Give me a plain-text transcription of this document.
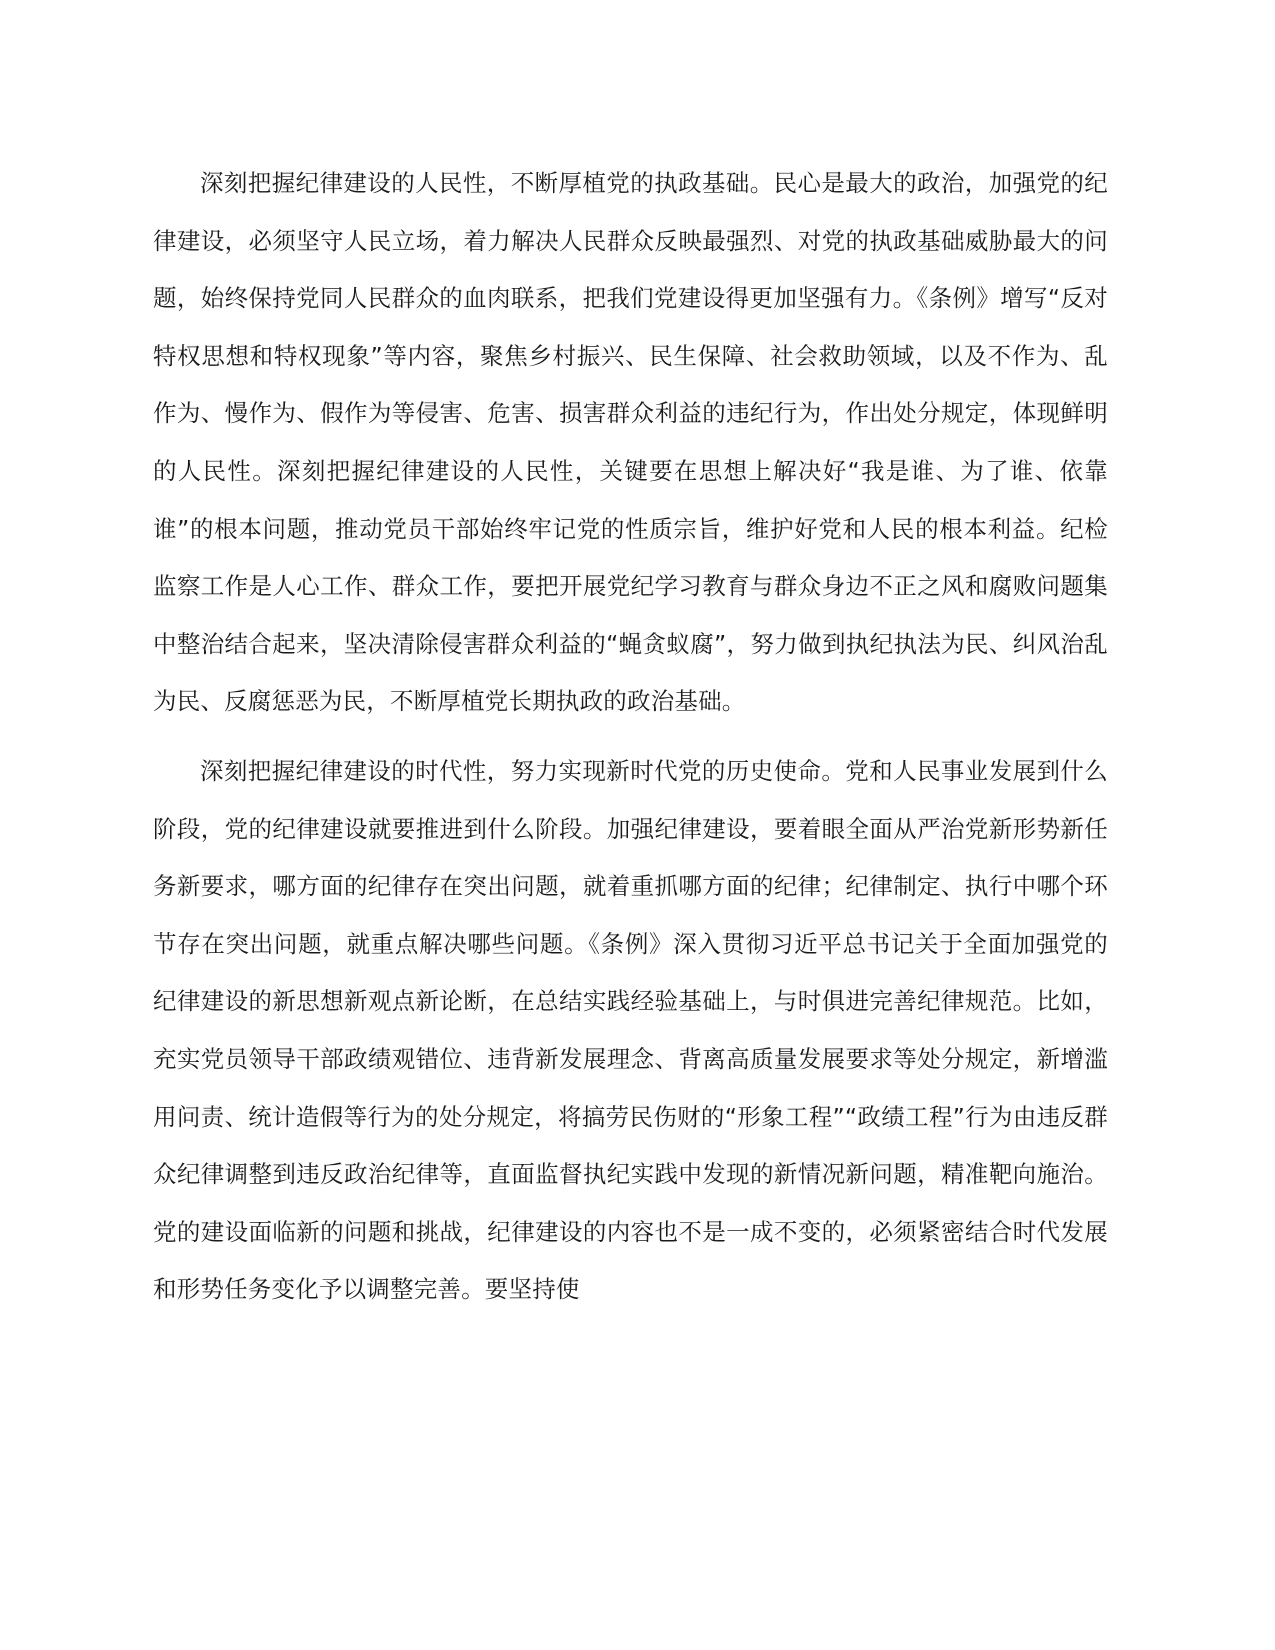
深刻把握纪律建设的人民性，不断厚植党的执政基础。民心是最大的政治，加强党的纪律建设，必须坚守人民立场，着力解决人民群众反映最强烈、对党的执政基础威胁最大的问题，始终保持党同人民群众的血肉联系，把我们党建设得更加坚强有力。《条例》增写“反对特权思想和特权现象”等内容，聚焦乡村振兴、民生保障、社会救助领域，以及不作为、乱作为、慢作为、假作为等侵害、危害、损害群众利益的违纪行为，作出处分规定，体现鲜明的人民性。深刻把握纪律建设的人民性，关键要在思想上解决好“我是谁、为了谁、依靠谁”的根本问题，推动党员干部始终牢记党的性质宗旨，维护好党和人民的根本利益。纪检监察工作是人心工作、群众工作，要把开展党纪学习教育与群众身边不正之风和腐败问题集中整治结合起来，坚决清除侵害群众利益的“蝇贪蚁腐”，努力做到执纪执法为民、纠风治乱为民、反腐惩恶为民，不断厚植党长期执政的政治基础。

深刻把握纪律建设的时代性，努力实现新时代党的历史使命。党和人民事业发展到什么阶段，党的纪律建设就要推进到什么阶段。加强纪律建设，要着眼全面从严治党新形势新任务新要求，哪方面的纪律存在突出问题，就着重抓哪方面的纪律；纪律制定、执行中哪个环节存在突出问题，就重点解决哪些问题。《条例》深入贯彻习近平总书记关于全面加强党的纪律建设的新思想新观点新论断，在总结实践经验基础上，与时俱进完善纪律规范。比如，充实党员领导干部政绩观错位、违背新发展理念、背离高质量发展要求等处分规定，新增滥用问责、统计造假等行为的处分规定，将搞劳民伤财的“形象工程”“政绩工程”行为由违反群众纪律调整到违反政治纪律等，直面监督执纪实践中发现的新情况新问题，精准靶向施治。党的建设面临新的问题和挑战，纪律建设的内容也不是一成不变的，必须紧密结合时代发展和形势任务变化予以调整完善。要坚持使
